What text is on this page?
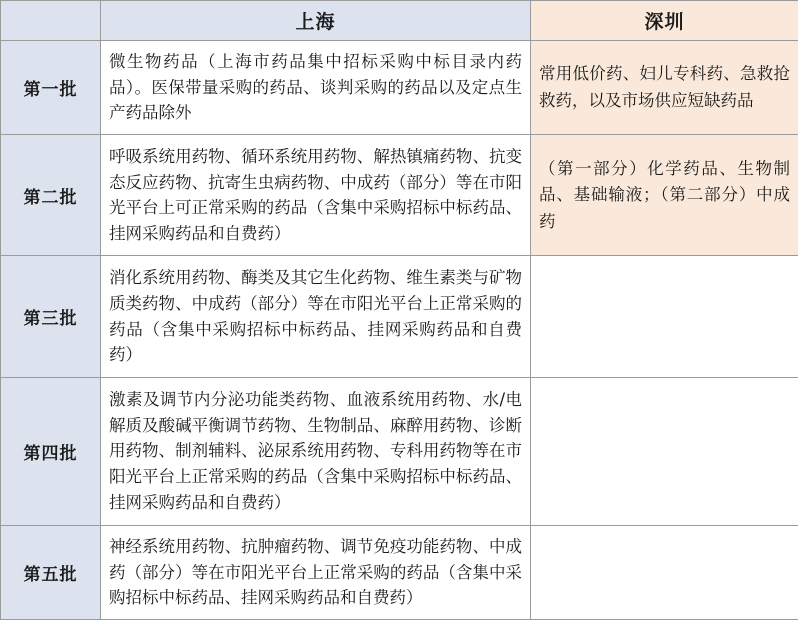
	上海	深圳
第一批	微生物药品（上海市药品集中招标采购中标目录内药品）。医保带量采购的药品、谈判采购的药品以及定点生产药品除外	常用低价药、妇儿专科药、急救抢救药，以及市场供应短缺药品

第二批	呼吸系统用药物、循环系统用药物、解热镇痛药物、抗变态反应药物、抗寄生虫病药物、中成药（部分）等在市阳光平台上可正常采购的药品（含集中采购招标中标药品、挂网采购药品和自费药）	（第一部分）化学药品、生物制品、基础输液；（第二部分）中成药

第三批	消化系统用药物、酶类及其它生化药物、维生素类与矿物质类药物、中成药（部分）等在市阳光平台上正常采购的药品（含集中采购招标中标药品、挂网采购药品和自费药）	

第四批	激素及调节内分泌功能类药物、血液系统用药物、水/电解质及酸碱平衡调节药物、生物制品、麻醉用药物、诊断用药物、制剂辅料、泌尿系统用药物、专科用药物等在市阳光平台上正常采购的药品（含集中采购招标中标药品、挂网采购药品和自费药）	

第五批	神经系统用药物、抗肿瘤药物、调节免疫功能药物、中成药（部分）等在市阳光平台上正常采购的药品（含集中采购招标中标药品、挂网采购药品和自费药）	
